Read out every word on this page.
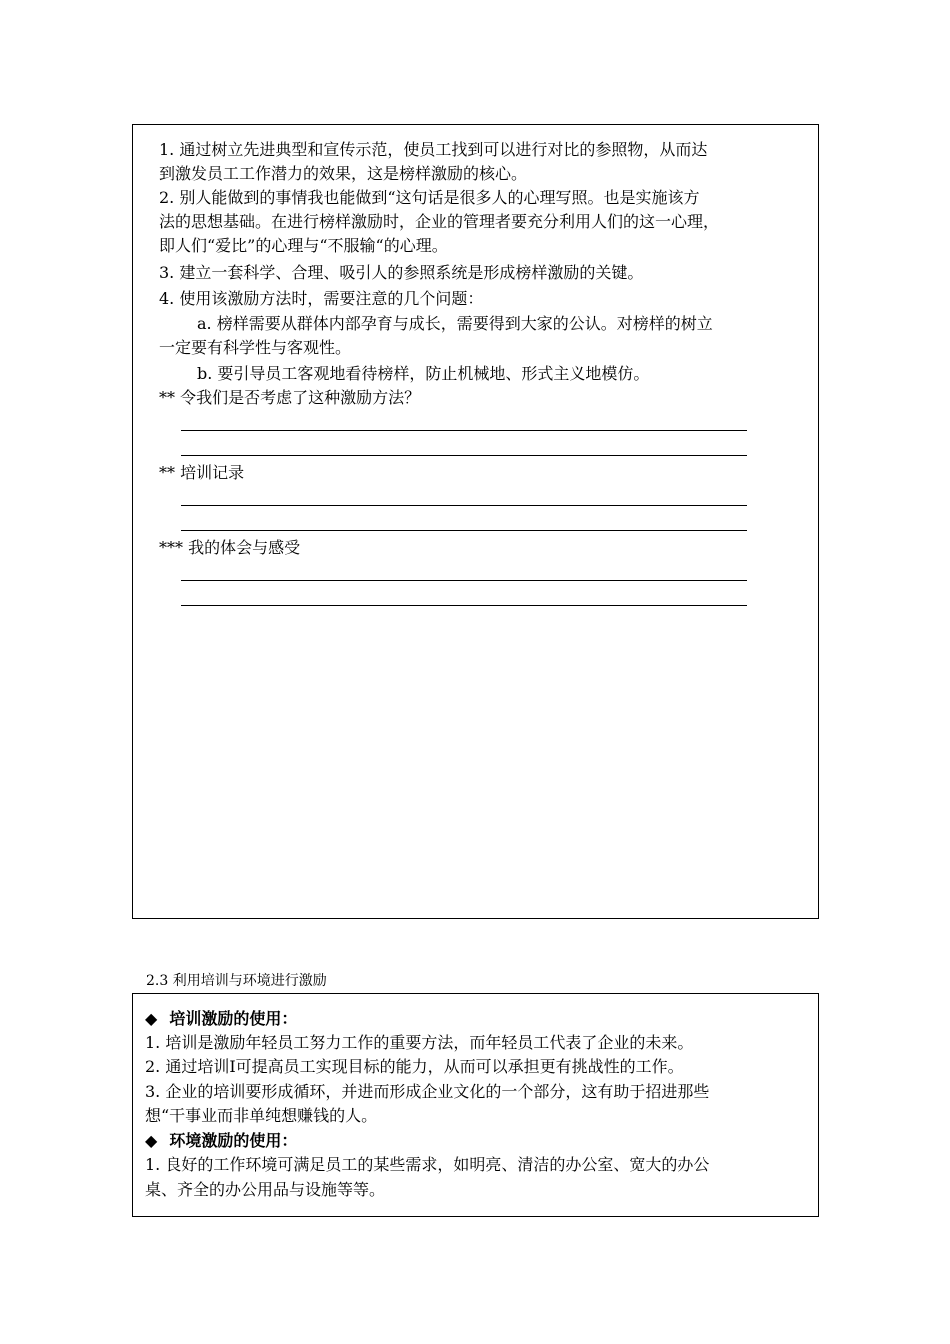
1. 通过树立先进典型和宣传示范，使员工找到可以进行对比的参照物，从而达
到激发员工工作潜力的效果，这是榜样激励的核心。
2. 别人能做到的事情我也能做到“这句话是很多人的心理写照。也是实施该方
法的思想基础。在进行榜样激励时，企业的管理者要充分利用人们的这一心理，
即人们“爱比”的心理与“不服输“的心理。
3. 建立一套科学、合理、吸引人的参照系统是形成榜样激励的关键。
4. 使用该激励方法时，需要注意的几个问题：
a. 榜样需要从群体内部孕育与成长，需要得到大家的公认。对榜样的树立
一定要有科学性与客观性。
b. 要引导员工客观地看待榜样，防止机械地、形式主义地模仿。
** 令我们是否考虑了这种激励方法？
** 培训记录
*** 我的体会与感受
2.3 利用培训与环境进行激励
◆ 培训激励的使用：
1. 培训是激励年轻员工努力工作的重要方法，而年轻员工代表了企业的未来。
2. 通过培训I可提高员工实现目标的能力，从而可以承担更有挑战性的工作。
3. 企业的培训要形成循环，并进而形成企业文化的一个部分，这有助于招进那些
想“干事业而非单纯想赚钱的人。
◆ 环境激励的使用：
1. 良好的工作环境可满足员工的某些需求，如明亮、清洁的办公室、宽大的办公
桌、齐全的办公用品与设施等等。
